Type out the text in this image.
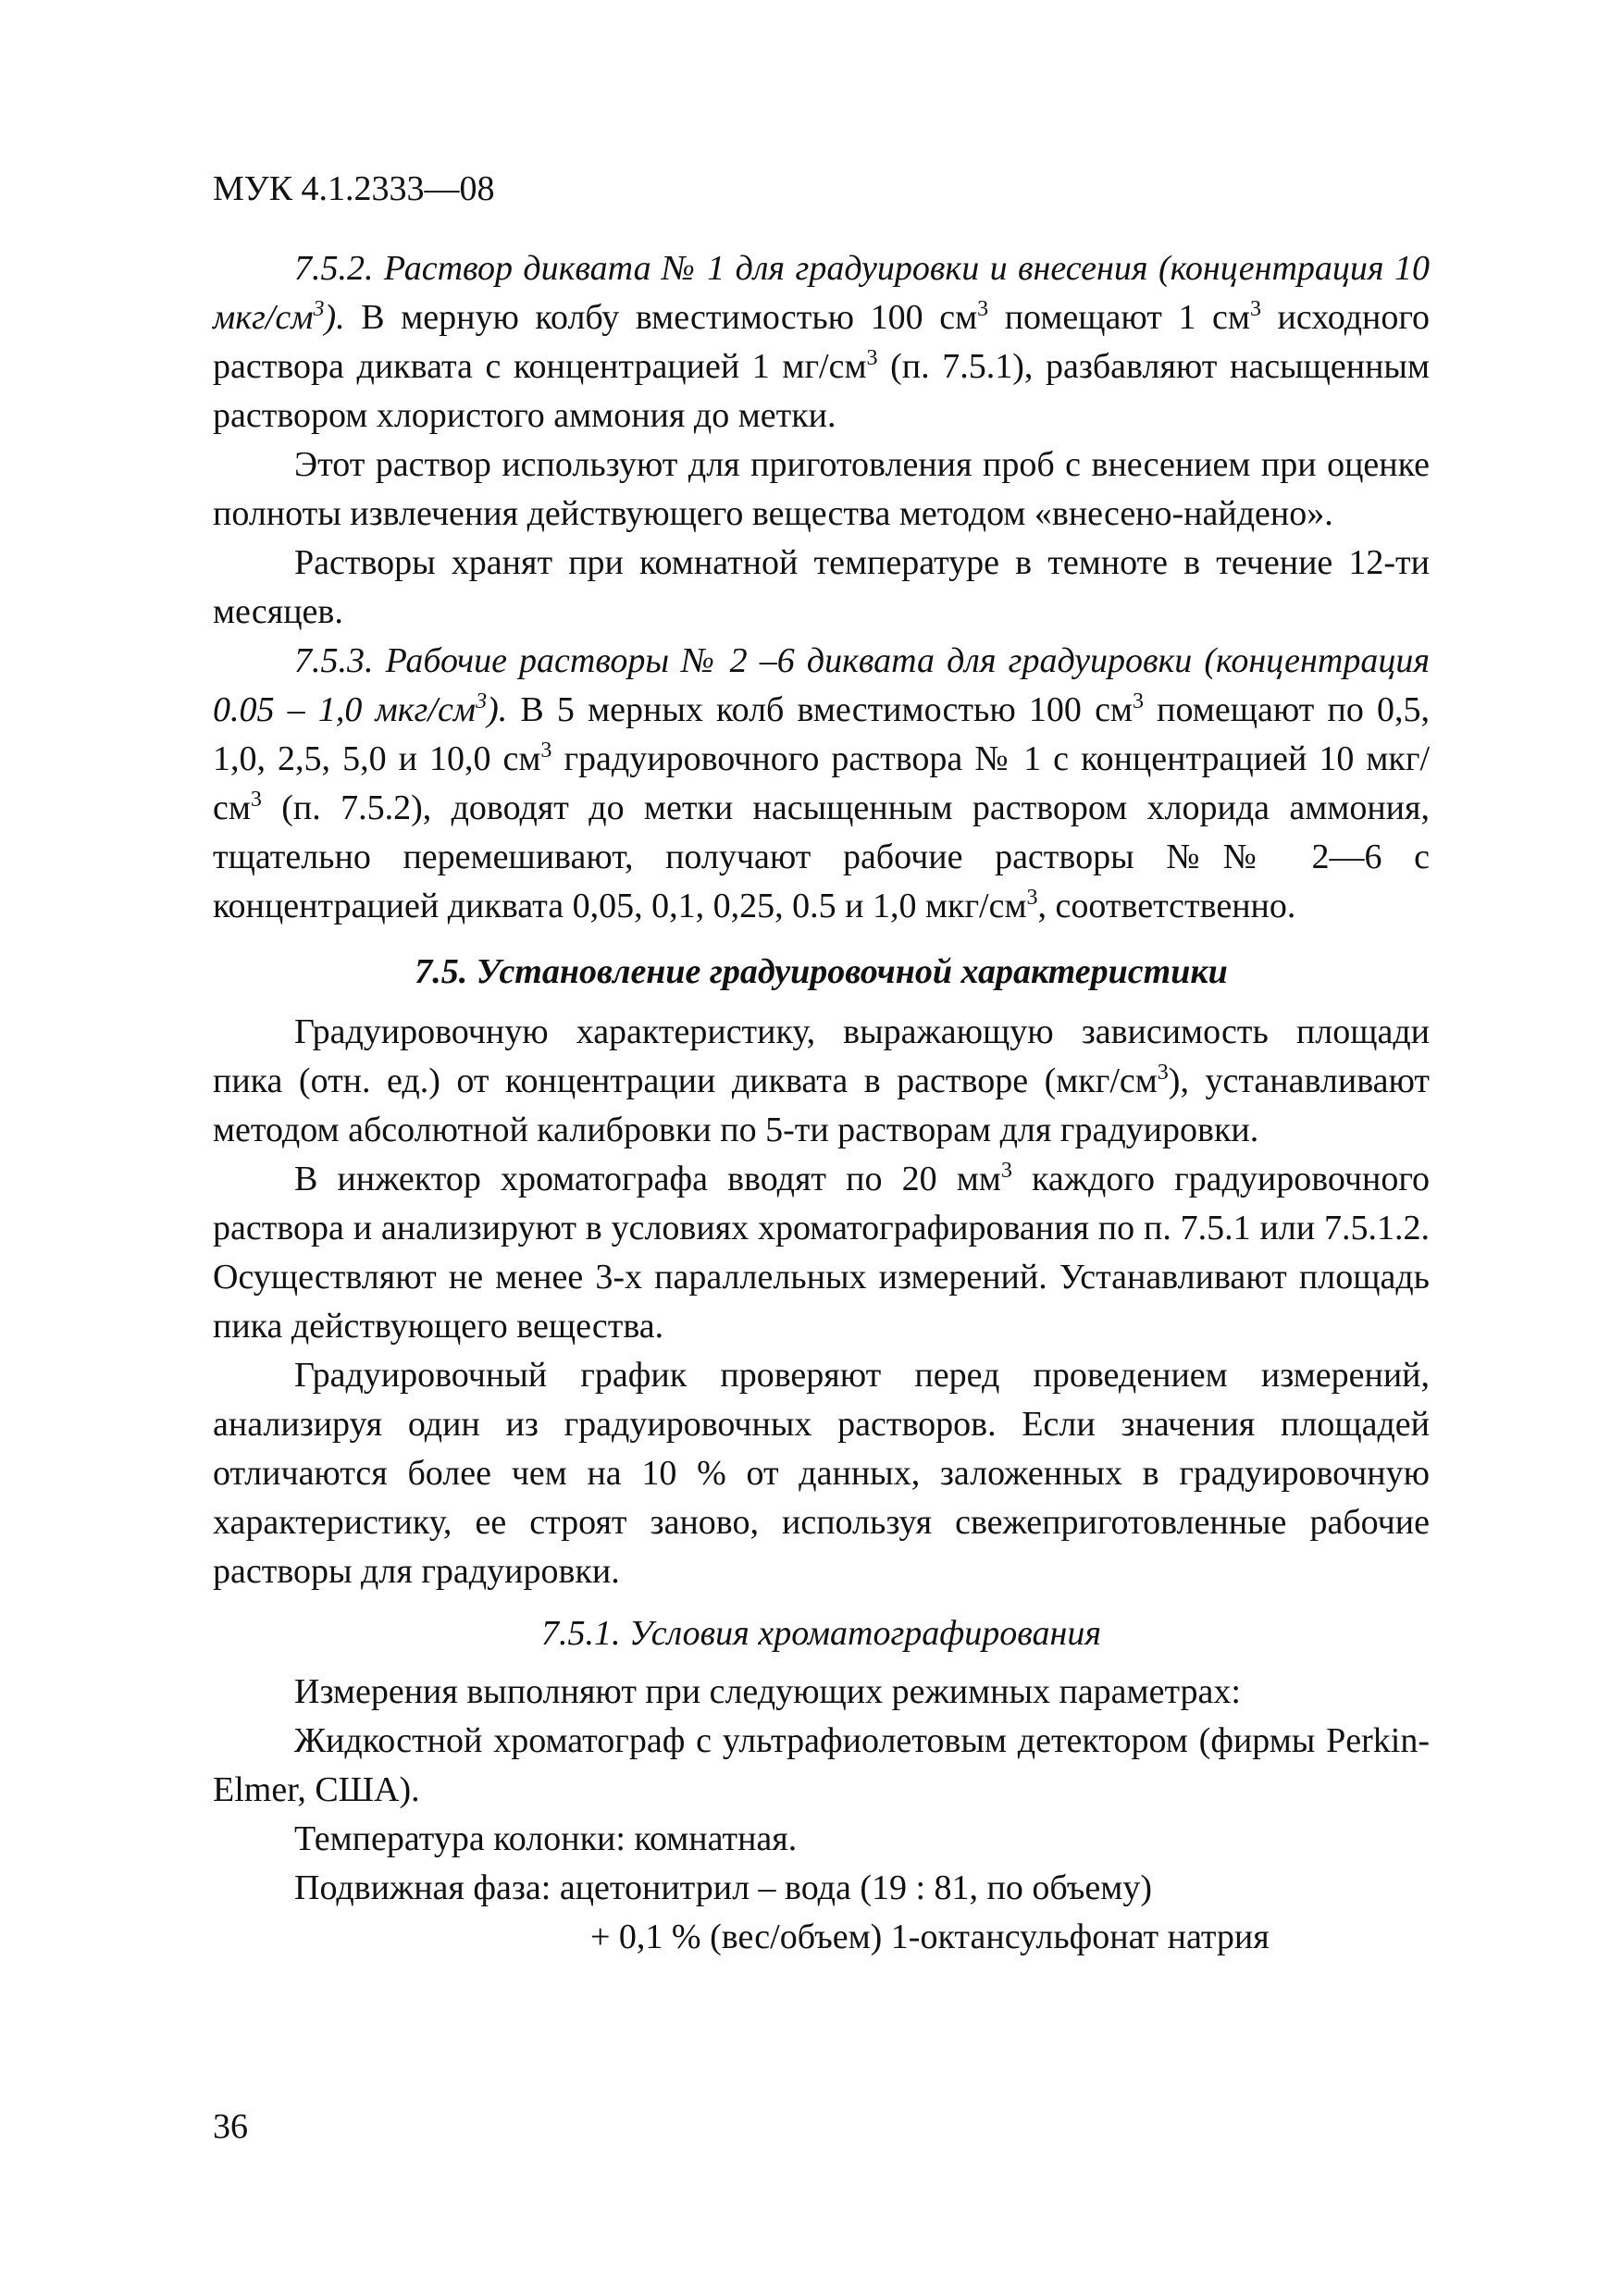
МУК 4.1.2333—08

7.5.2. Раствор диквата № 1 для градуировки и внесения (концентрация 10 мкг/$см^3$). В мерную колбу вместимостью 100 $см^3$ помещают 1 $см^3$ исходного раствора диквата с концентрацией 1 $мг/см^3$ (п. 7.5.1), разбавляют насыщенным раствором хлористого аммония до метки.

Этот раствор используют для приготовления проб с внесением при оценке полноты извлечения действующего вещества методом «внесено-найдено».

Растворы хранят при комнатной температуре в темноте в течение 12-ти месяцев.

7.5.3. Рабочие растворы № 2 –6 диквата для градуировки (концентрация 0.05 – 1,0 мкг/$см^3$). В 5 мерных колб вместимостью 100 $см^3$ помещают по 0,5, 1,0, 2,5, 5,0 и 10,0 $см^3$ градуировочного раствора № 1 с концентрацией 10 мкг/$см^3$ (п. 7.5.2), доводят до метки насыщенным раствором хлорида аммония, тщательно перемешивают, получают рабочие растворы №№ 2—6 с концентрацией диквата 0,05, 0,1, 0,25, 0.5 и 1,0 мкг/$см^3$, соответственно.

7.5. Установление градуировочной характеристики

Градуировочную характеристику, выражающую зависимость площади пика (отн. ед.) от концентрации диквата в растворе $(мкг/см^3)$, устанавливают методом абсолютной калибровки по 5-ти растворам для градуировки.

В инжектор хроматографа вводят по 20 $мм^3$ каждого градуировочного раствора и анализируют в условиях хроматографирования по п. 7.5.1 или 7.5.1.2. Осуществляют не менее 3-х параллельных измерений. Устанавливают площадь пика действующего вещества.

Градуировочный график проверяют перед проведением измерений, анализируя один из градуировочных растворов. Если значения площадей отличаются более чем на 10 % от данных, заложенных в градуировочную характеристику, ее строят заново, используя свежеприготовленные рабочие растворы для градуировки.

7.5.1. Условия хроматографирования

Измерения выполняют при следующих режимных параметрах:

Жидкостной хроматограф с ультрафиолетовым детектором (фирмы Perkin-Elmer, США).

Температура колонки: комнатная.

Подвижная фаза: ацетонитрил – вода (19 : 81, по объему)

+ 0,1 % (вес/объем) 1-октансульфонат натрия

36
